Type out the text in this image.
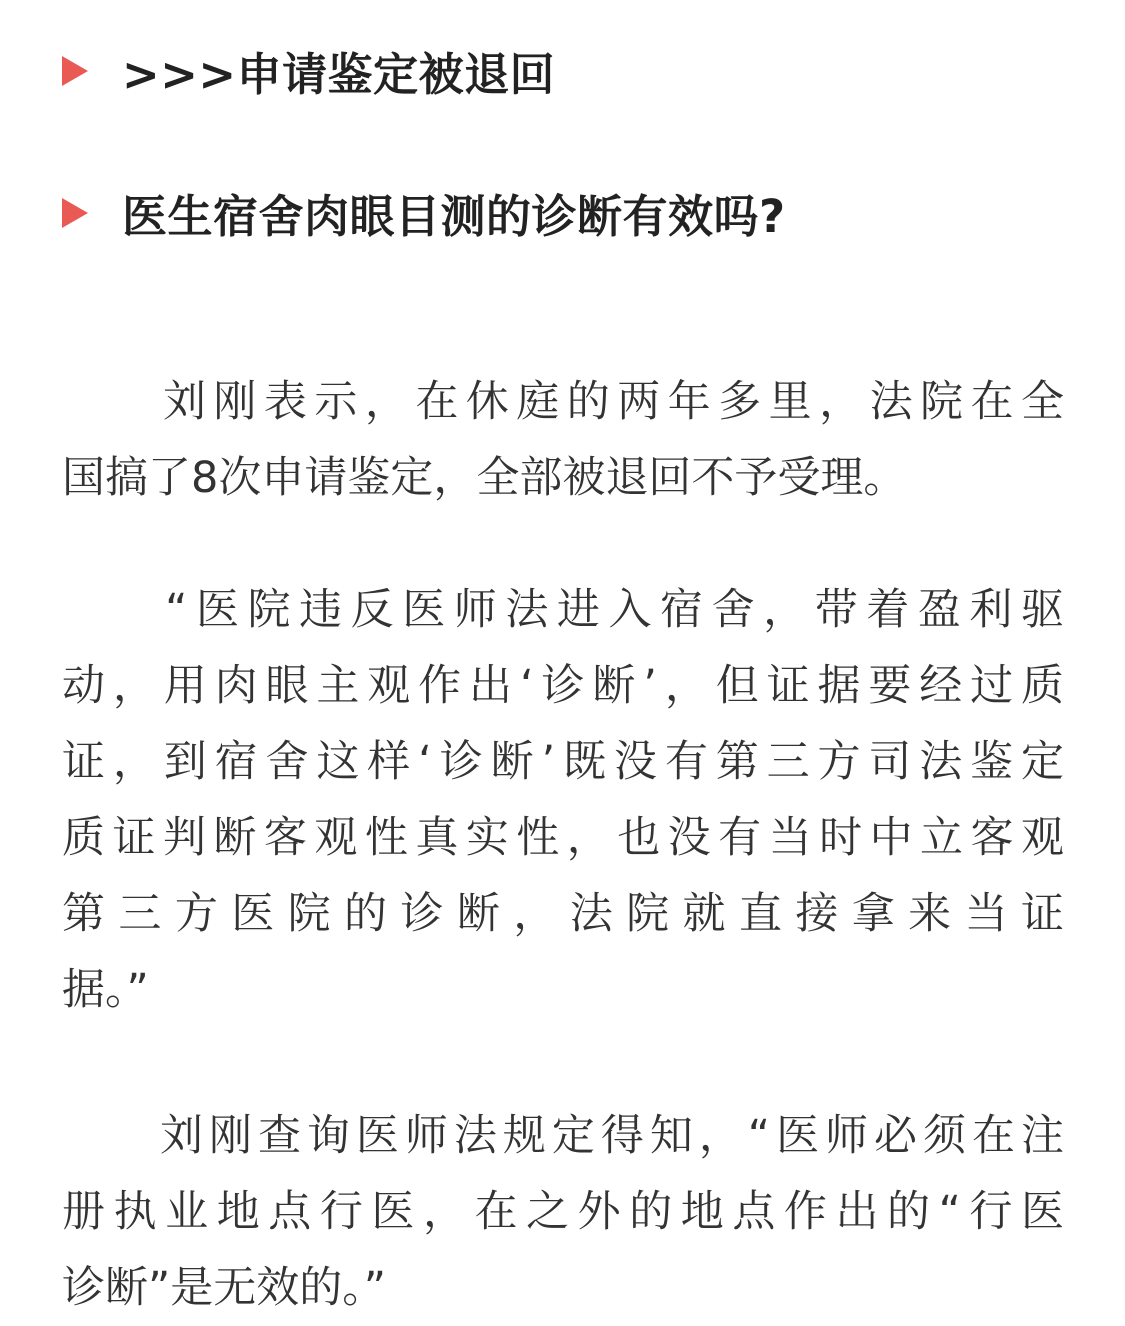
>>>申请鉴定被退回
医生宿舍肉眼目测的诊断有效吗?
　　刘刚表示，在休庭的两年多里，法院在全
国搞了8次申请鉴定，全部被退回不予受理。
　　“医院违反医师法进入宿舍，带着盈利驱
动，用肉眼主观作出‘诊断’，但证据要经过质
证，到宿舍这样‘诊断’既没有第三方司法鉴定
质证判断客观性真实性，也没有当时中立客观
第三方医院的诊断，法院就直接拿来当证
据。”
　　刘刚查询医师法规定得知，“医师必须在注
册执业地点行医，在之外的地点作出的“行医
诊断”是无效的。”
